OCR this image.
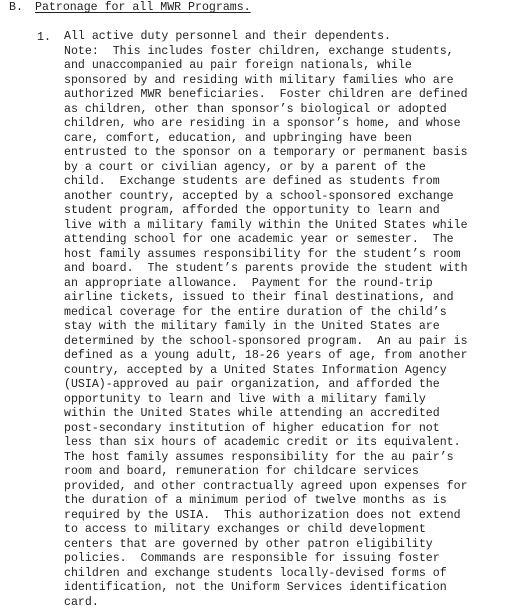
B. Patronage for all MWR Programs.
1. All active duty personnel and their dependents.
Note:  This includes foster children, exchange students,
and unaccompanied au pair foreign nationals, while
sponsored by and residing with military families who are
authorized MWR beneficiaries.  Foster children are defined
as children, other than sponsor’s biological or adopted
children, who are residing in a sponsor’s home, and whose
care, comfort, education, and upbringing have been
entrusted to the sponsor on a temporary or permanent basis
by a court or civilian agency, or by a parent of the
child.  Exchange students are defined as students from
another country, accepted by a school-sponsored exchange
student program, afforded the opportunity to learn and
live with a military family within the United States while
attending school for one academic year or semester.  The
host family assumes responsibility for the student’s room
and board.  The student’s parents provide the student with
an appropriate allowance.  Payment for the round-trip
airline tickets, issued to their final destinations, and
medical coverage for the entire duration of the child’s
stay with the military family in the United States are
determined by the school-sponsored program.  An au pair is
defined as a young adult, 18-26 years of age, from another
country, accepted by a United States Information Agency
(USIA)-approved au pair organization, and afforded the
opportunity to learn and live with a military family
within the United States while attending an accredited
post-secondary institution of higher education for not
less than six hours of academic credit or its equivalent.
The host family assumes responsibility for the au pair’s
room and board, remuneration for childcare services
provided, and other contractually agreed upon expenses for
the duration of a minimum period of twelve months as is
required by the USIA.  This authorization does not extend
to access to military exchanges or child development
centers that are governed by other patron eligibility
policies.  Commands are responsible for issuing foster
children and exchange students locally-devised forms of
identification, not the Uniform Services identification
card.
